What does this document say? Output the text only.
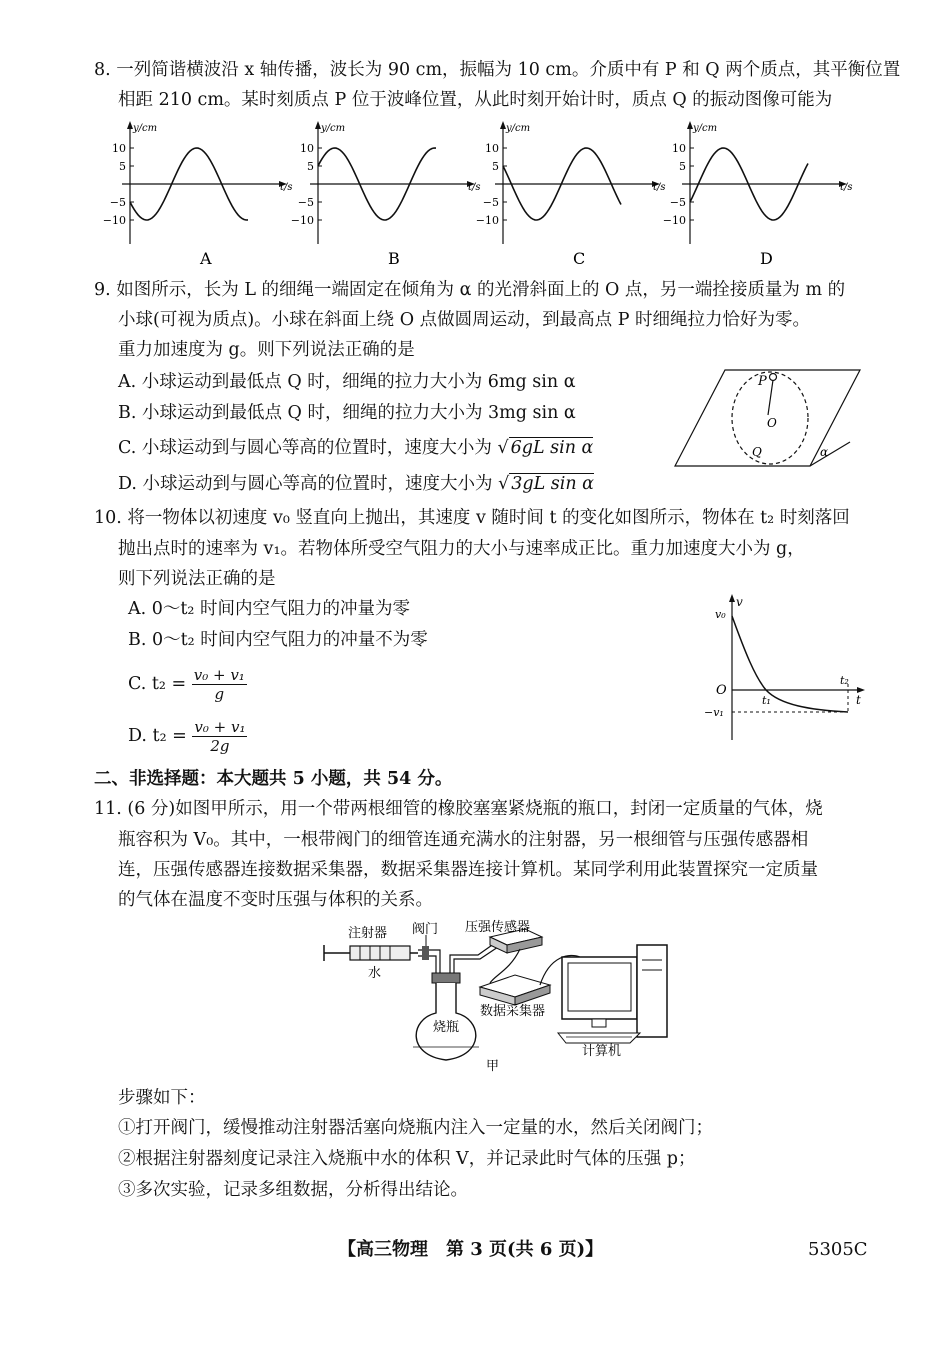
8. 一列简谐横波沿 x 轴传播，波长为 90 cm，振幅为 10 cm。介质中有 P 和 Q 两个质点，其平衡位置
相距 210 cm。某时刻质点 P 位于波峰位置，从此时刻开始计时，质点 Q 的振动图像可能为
y/cm
t/s
10
5
−5
−10
A
y/cm
t/s
10
5
−5
−10
B
y/cm
t/s
10
5
−5
−10
C
y/cm
t/s
10
5
−5
−10
D
9. 如图所示，长为 L 的细绳一端固定在倾角为 α 的光滑斜面上的 O 点，另一端拴接质量为 m 的
小球(可视为质点)。小球在斜面上绕 O 点做圆周运动，到最高点 P 时细绳拉力恰好为零。
重力加速度为 g。则下列说法正确的是
A. 小球运动到最低点 Q 时，细绳的拉力大小为 6mg sin α
B. 小球运动到最低点 Q 时，细绳的拉力大小为 3mg sin α
C. 小球运动到与圆心等高的位置时，速度大小为 √ 6gL sin α
D. 小球运动到与圆心等高的位置时，速度大小为 √ 3gL sin α
P
O
Q	α
10. 将一物体以初速度 v₀ 竖直向上抛出，其速度 v 随时间 t 的变化如图所示，物体在 t₂ 时刻落回
抛出点时的速率为 v₁。若物体所受空气阻力的大小与速率成正比。重力加速度大小为 g，
则下列说法正确的是
A. 0～t₂ 时间内空气阻力的冲量为零
B. 0～t₂ 时间内空气阻力的冲量不为零
C. $t_2 = \frac{\text{v₀ + v₁}}{g}$
D. $t_2 = \frac{\text{v₀ + v₁}}{2g}$
v₀
v
O
t₁
t₂
t
−v₁
二、非选择题：本大题共 5 小题，共 54 分。
11. (6 分)如图甲所示，用一个带两根细管的橡胶塞塞紧烧瓶的瓶口，封闭一定质量的气体，烧
瓶容积为 V₀。其中，一根带阀门的细管连通充满水的注射器，另一根细管与压强传感器相
连，压强传感器连接数据采集器，数据采集器连接计算机。某同学利用此装置探究一定质量
的气体在温度不变时压强与体积的关系。
注射器 阀门 压强传感器
水
数据采集器
烧瓶
计算机
甲
步骤如下：
①打开阀门，缓慢推动注射器活塞向烧瓶内注入一定量的水，然后关闭阀门；
②根据注射器刻度记录注入烧瓶中水的体积 V，并记录此时气体的压强 p；
③多次实验，记录多组数据，分析得出结论。
【高三物理　第 3 页(共 6 页)】	5305C
